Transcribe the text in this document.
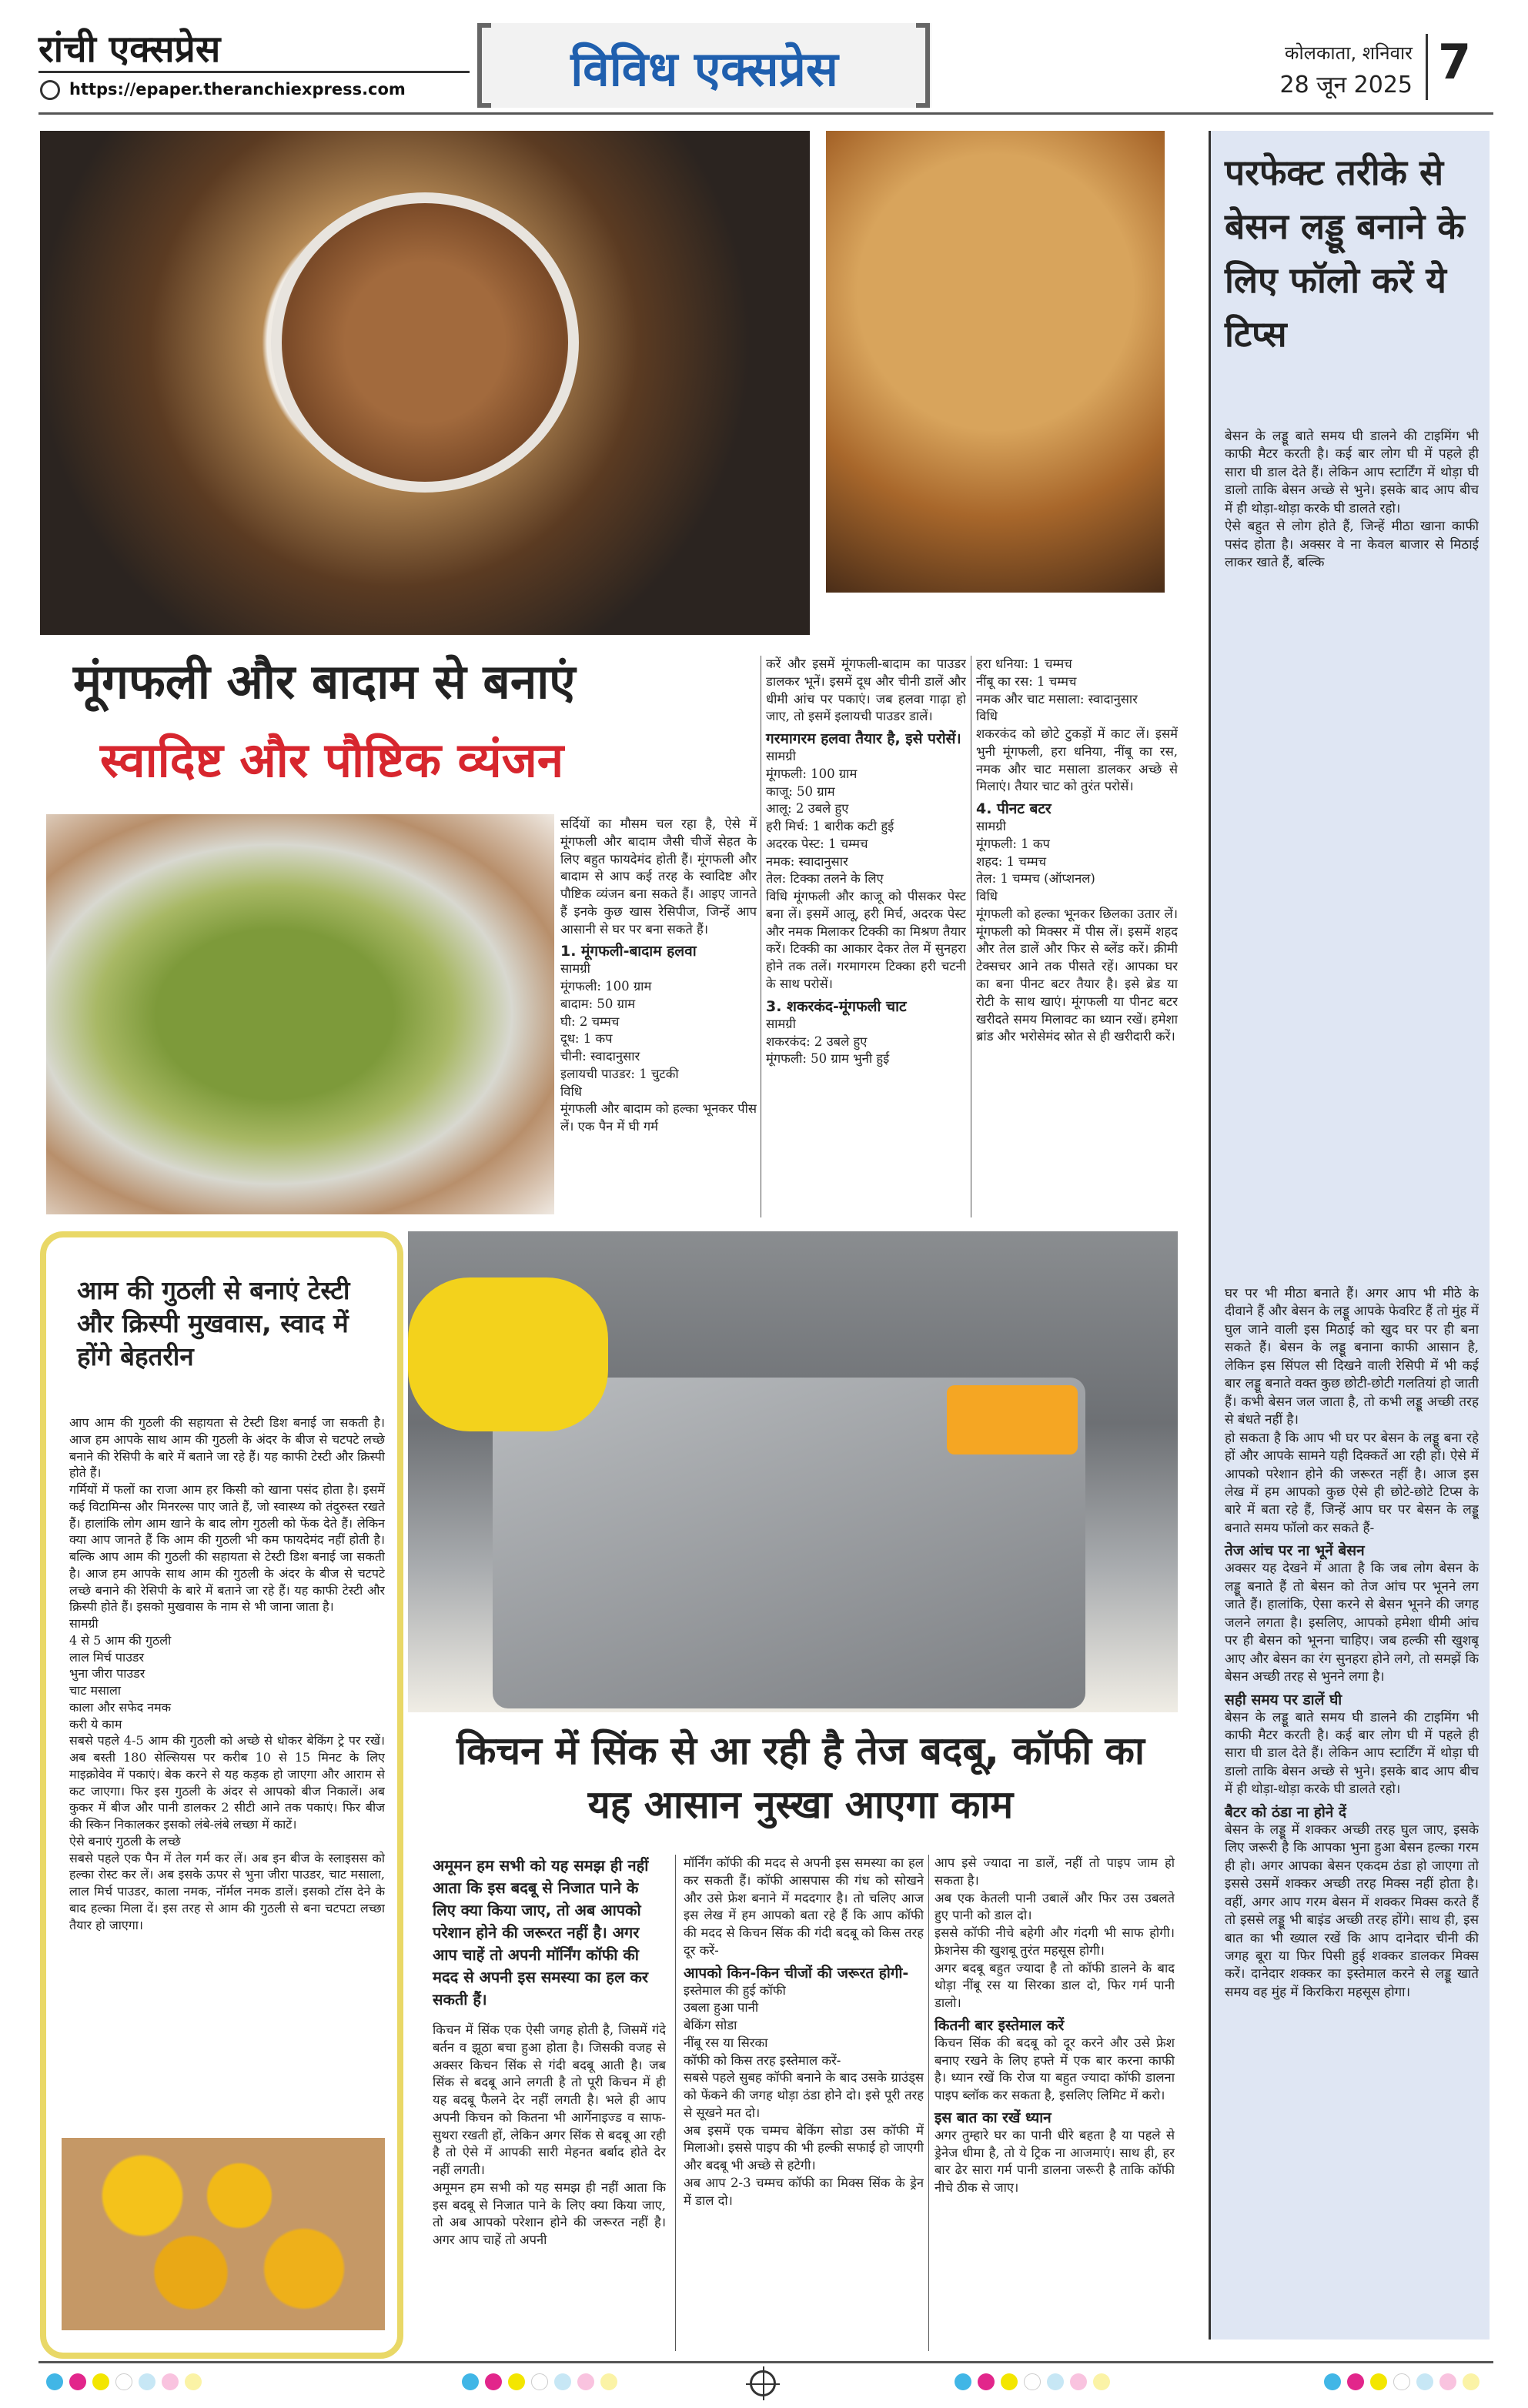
रांची एक्सप्रेस
https://epaper.theranchiexpress.com	विविध एक्सप्रेस	कोलकाता, शनिवार
28 जून 2025 7
परफेक्ट तरीके से बेसन लड्डू बनाने के लिए फॉलो करें ये टिप्स
बेसन के लड्डू बाते समय घी डालने की टाइमिंग भी काफी मैटर करती है। कई बार लोग घी में पहले ही सारा घी डाल देते हैं। लेकिन आप स्टार्टिंग में थोड़ा घी डालो ताकि बेसन अच्छे से भुने। इसके बाद आप बीच में ही थोड़ा-थोड़ा करके घी डालते रहो।
ऐसे बहुत से लोग होते हैं, जिन्हें मीठा खाना काफी पसंद होता है। अक्सर वे ना केवल बाजार से मिठाई लाकर खाते हैं, बल्कि
घर पर भी मीठा बनाते हैं। अगर आप भी मीठे के दीवाने हैं और बेसन के लड्डू आपके फेवरिट हैं तो मुंह में घुल जाने वाली इस मिठाई को खुद घर पर ही बना सकते हैं। बेसन के लड्डू बनाना काफी आसान है, लेकिन इस सिंपल सी दिखने वाली रेसिपी में भी कई बार लड्डू बनाते वक्त कुछ छोटी-छोटी गलतियां हो जाती हैं। कभी बेसन जल जाता है, तो कभी लड्डू अच्छी तरह से बंधते नहीं है।
हो सकता है कि आप भी घर पर बेसन के लड्डू बना रहे हों और आपके सामने यही दिक्कतें आ रही हों। ऐसे में आपको परेशान होने की जरूरत नहीं है। आज इस लेख में हम आपको कुछ ऐसे ही छोटे-छोटे टिप्स के बारे में बता रहे हैं, जिन्हें आप घर पर बेसन के लड्डू बनाते समय फॉलो कर सकते हैं-
तेज आंच पर ना भूनें बेसन
अक्सर यह देखने में आता है कि जब लोग बेसन के लड्डू बनाते हैं तो बेसन को तेज आंच पर भूनने लग जाते हैं। हालांकि, ऐसा करने से बेसन भूनने की जगह जलने लगता है। इसलिए, आपको हमेशा धीमी आंच पर ही बेसन को भूनना चाहिए। जब हल्की सी खुशबू आए और बेसन का रंग सुनहरा होने लगे, तो समझें कि बेसन अच्छी तरह से भुनने लगा है।
सही समय पर डालें घी
बेसन के लड्डू बाते समय घी डालने की टाइमिंग भी काफी मैटर करती है। कई बार लोग घी में पहले ही सारा घी डाल देते हैं। लेकिन आप स्टार्टिंग में थोड़ा घी डालो ताकि बेसन अच्छे से भुने। इसके बाद आप बीच में ही थोड़ा-थोड़ा करके घी डालते रहो।
बैटर को ठंडा ना होने दें
बेसन के लड्डू में शक्कर अच्छी तरह घुल जाए, इसके लिए जरूरी है कि आपका भुना हुआ बेसन हल्का गरम ही हो। अगर आपका बेसन एकदम ठंडा हो जाएगा तो इससे उसमें शक्कर अच्छी तरह मिक्स नहीं होता है। वहीं, अगर आप गरम बेसन में शक्कर मिक्स करते हैं तो इससे लड्डू भी बाइंड अच्छी तरह होंगे। साथ ही, इस बात का भी ख्याल रखें कि आप दानेदार चीनी की जगह बूरा या फिर पिसी हुई शक्कर डालकर मिक्स करें। दानेदार शक्कर का इस्तेमाल करने से लड्डू खाते समय वह मुंह में किरकिरा महसूस होगा।
मूंगफली और बादाम से बनाएं
स्वादिष्ट और पौष्टिक व्यंजन
सर्दियों का मौसम चल रहा है, ऐसे में मूंगफली और बादाम जैसी चीजें सेहत के लिए बहुत फायदेमंद होती हैं। मूंगफली और बादाम से आप कई तरह के स्वादिष्ट और पौष्टिक व्यंजन बना सकते हैं। आइए जानते हैं इनके कुछ खास रेसिपीज, जिन्हें आप आसानी से घर पर बना सकते हैं।
1. मूंगफली-बादाम हलवा
सामग्री
मूंगफली: 100 ग्राम
बादाम: 50 ग्राम
घी: 2 चम्मच
दूध: 1 कप
चीनी: स्वादानुसार
इलायची पाउडर: 1 चुटकी
विधि
मूंगफली और बादाम को हल्का भूनकर पीस लें। एक पैन में घी गर्म
करें और इसमें मूंगफली-बादाम का पाउडर डालकर भूनें। इसमें दूध और चीनी डालें और धीमी आंच पर पकाएं। जब हलवा गाढ़ा हो जाए, तो इसमें इलायची पाउडर डालें।
गरमागरम हलवा तैयार है, इसे परोसें।
सामग्री
मूंगफली: 100 ग्राम
काजू: 50 ग्राम
आलू: 2 उबले हुए
हरी मिर्च: 1 बारीक कटी हुई
अदरक पेस्ट: 1 चम्मच
नमक: स्वादानुसार
तेल: टिक्का तलने के लिए
विधि मूंगफली और काजू को पीसकर पेस्ट बना लें। इसमें आलू, हरी मिर्च, अदरक पेस्ट और नमक मिलाकर टिक्की का मिश्रण तैयार करें। टिक्की का आकार देकर तेल में सुनहरा होने तक तलें। गरमागरम टिक्का हरी चटनी के साथ परोसें।
3. शकरकंद-मूंगफली चाट
सामग्री
शकरकंद: 2 उबले हुए
मूंगफली: 50 ग्राम भुनी हुई
हरा धनिया: 1 चम्मच
नींबू का रस: 1 चम्मच
नमक और चाट मसाला: स्वादानुसार
विधि
शकरकंद को छोटे टुकड़ों में काट लें। इसमें भुनी मूंगफली, हरा धनिया, नींबू का रस, नमक और चाट मसाला डालकर अच्छे से मिलाएं। तैयार चाट को तुरंत परोसें।
4. पीनट बटर
सामग्री
मूंगफली: 1 कप
शहद: 1 चम्मच
तेल: 1 चम्मच (ऑप्शनल)
विधि
मूंगफली को हल्का भूनकर छिलका उतार लें। मूंगफली को मिक्सर में पीस लें। इसमें शहद और तेल डालें और फिर से ब्लेंड करें। क्रीमी टेक्सचर आने तक पीसते रहें। आपका घर का बना पीनट बटर तैयार है। इसे ब्रेड या रोटी के साथ खाएं। मूंगफली या पीनट बटर खरीदते समय मिलावट का ध्यान रखें। हमेशा ब्रांड और भरोसेमंद स्रोत से ही खरीदारी करें।
आम की गुठली से बनाएं टेस्टी और क्रिस्पी मुखवास, स्वाद में होंगे बेहतरीन
आप आम की गुठली की सहायता से टेस्टी डिश बनाई जा सकती है। आज हम आपके साथ आम की गुठली के अंदर के बीज से चटपटे लच्छे बनाने की रेसिपी के बारे में बताने जा रहे हैं। यह काफी टेस्टी और क्रिस्पी होते हैं।
गर्मियों में फलों का राजा आम हर किसी को खाना पसंद होता है। इसमें कई विटामिन्स और मिनरल्स पाए जाते हैं, जो स्वास्थ्य को तंदुरुस्त रखते हैं। हालांकि लोग आम खाने के बाद लोग गुठली को फेंक देते हैं। लेकिन क्या आप जानते हैं कि आम की गुठली भी कम फायदेमंद नहीं होती है। बल्कि आप आम की गुठली की सहायता से टेस्टी डिश बनाई जा सकती है। आज हम आपके साथ आम की गुठली के अंदर के बीज से चटपटे लच्छे बनाने की रेसिपी के बारे में बताने जा रहे हैं। यह काफी टेस्टी और क्रिस्पी होते हैं। इसको मुखवास के नाम से भी जाना जाता है।
सामग्री
4 से 5 आम की गुठली
लाल मिर्च पाउडर
भुना जीरा पाउडर
चाट मसाला
काला और सफेद नमक
करी ये काम
सबसे पहले 4-5 आम की गुठली को अच्छे से धोकर बेकिंग ट्रे पर रखें। अब बस्ती 180 सेल्सियस पर करीब 10 से 15 मिनट के लिए माइक्रोवेव में पकाएं। बेक करने से यह कड़क हो जाएगा और आराम से कट जाएगा। फिर इस गुठली के अंदर से आपको बीज निकालें। अब कुकर में बीज और पानी डालकर 2 सीटी आने तक पकाएं। फिर बीज की स्किन निकालकर इसको लंबे-लंबे लच्छा में काटें।
ऐसे बनाएं गुठली के लच्छे
सबसे पहले एक पैन में तेल गर्म कर लें। अब इन बीज के स्लाइसस को हल्का रोस्ट कर लें। अब इसके ऊपर से भुना जीरा पाउडर, चाट मसाला, लाल मिर्च पाउडर, काला नमक, नॉर्मल नमक डालें। इसको टॉस देने के बाद हल्का मिला दें। इस तरह से आम की गुठली से बना चटपटा लच्छा तैयार हो जाएगा।
किचन में सिंक से आ रही है तेज बदबू, कॉफी का यह आसान नुस्खा आएगा काम
अमूमन हम सभी को यह समझ ही नहीं आता कि इस बदबू से निजात पाने के लिए क्या किया जाए, तो अब आपको परेशान होने की जरूरत नहीं है। अगर आप चाहें तो अपनी मॉर्निंग कॉफी की मदद से अपनी इस समस्या का हल कर सकती हैं।
किचन में सिंक एक ऐसी जगह होती है, जिसमें गंदे बर्तन व झूठा बचा हुआ होता है। जिसकी वजह से अक्सर किचन सिंक से गंदी बदबू आती है। जब सिंक से बदबू आने लगती है तो पूरी किचन में ही यह बदबू फैलने देर नहीं लगती है। भले ही आप अपनी किचन को कितना भी आर्गेनाइज्ड व साफ-सुथरा रखती हों, लेकिन अगर सिंक से बदबू आ रही है तो ऐसे में आपकी सारी मेहनत बर्बाद होते देर नहीं लगती।
अमूमन हम सभी को यह समझ ही नहीं आता कि इस बदबू से निजात पाने के लिए क्या किया जाए, तो अब आपको परेशान होने की जरूरत नहीं है। अगर आप चाहें तो अपनी
मॉर्निंग कॉफी की मदद से अपनी इस समस्या का हल कर सकती हैं। कॉफी आसपास की गंध को सोखने और उसे फ्रेश बनाने में मददगार है। तो चलिए आज इस लेख में हम आपको बता रहे हैं कि आप कॉफी की मदद से किचन सिंक की गंदी बदबू को किस तरह दूर करें-
आपको किन-किन चीजों की जरूरत होगी-
इस्तेमाल की हुई कॉफी
उबला हुआ पानी
बेकिंग सोडा
नींबू रस या सिरका
कॉफी को किस तरह इस्तेमाल करें-
सबसे पहले सुबह कॉफी बनाने के बाद उसके ग्राउंड्स को फेंकने की जगह थोड़ा ठंडा होने दो। इसे पूरी तरह से सूखने मत दो।
अब इसमें एक चम्मच बेकिंग सोडा उस कॉफी में मिलाओ। इससे पाइप की भी हल्की सफाई हो जाएगी और बदबू भी अच्छे से हटेगी।
अब आप 2-3 चम्मच कॉफी का मिक्स सिंक के ड्रेन में डाल दो।
आप इसे ज्यादा ना डालें, नहीं तो पाइप जाम हो सकता है।
अब एक केतली पानी उबालें और फिर उस उबलते हुए पानी को डाल दो।
इससे कॉफी नीचे बहेगी और गंदगी भी साफ होगी। फ्रेशनेस की खुशबू तुरंत महसूस होगी।
अगर बदबू बहुत ज्यादा है तो कॉफी डालने के बाद थोड़ा नींबू रस या सिरका डाल दो, फिर गर्म पानी डालो।
कितनी बार इस्तेमाल करें
किचन सिंक की बदबू को दूर करने और उसे फ्रेश बनाए रखने के लिए हफ्ते में एक बार करना काफी है। ध्यान रखें कि रोज या बहुत ज्यादा कॉफी डालना पाइप ब्लॉक कर सकता है, इसलिए लिमिट में करो।
इस बात का रखें ध्यान
अगर तुम्हारे घर का पानी धीरे बहता है या पहले से ड्रेनेज धीमा है, तो ये ट्रिक ना आजमाएं। साथ ही, हर बार ढेर सारा गर्म पानी डालना जरूरी है ताकि कॉफी नीचे ठीक से जाए।
